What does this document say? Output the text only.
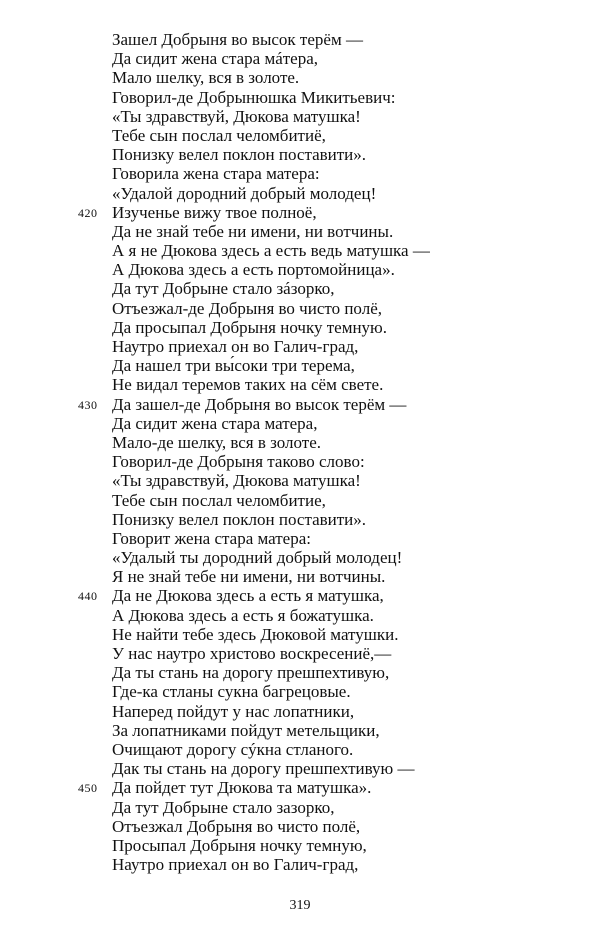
Зашел Добрыня во высок терём —
Да сидит жена стара мáтера,
Мало шелку, вся в золоте.
Говорил-де Добрынюшка Микитьевич:
«Ты здравствуй, Дюкова матушка!
Тебе сын послал челомбитиё,
Понизку велел поклон поставити».
Говорила жена стара матера:
«Удалой дородний добрый молодец!
420 Изученье вижу твое полноё,
Да не знай тебе ни имени, ни вотчины.
А я не Дюкова здесь а есть ведь матушка —
А Дюкова здесь а есть портомойница».
Да тут Добрыне стало зáзорко,
Отъезжал-де Добрыня во чисто полё,
Да просыпал Добрыня ночку темную.
Наутро приехал он во Галич-град,
Да нашел три вы́соки три терема,
Не видал теремов таких на сём свете.
430 Да зашел-де Добрыня во высок терём —
Да сидит жена стара матера,
Мало-де шелку, вся в золоте.
Говорил-де Добрыня таково слово:
«Ты здравствуй, Дюкова матушка!
Тебе сын послал челомбитие,
Понизку велел поклон поставити».
Говорит жена стара матера:
«Удалый ты дородний добрый молодец!
Я не знай тебе ни имени, ни вотчины.
440 Да не Дюкова здесь а есть я матушка,
А Дюкова здесь а есть я божатушка.
Не найти тебе здесь Дюковой матушки.
У нас наутро христово воскресениё,—
Да ты стань на дорогу прешпехтивую,
Где-ка стланы сукна багрецовые.
Наперед пойдут у нас лопатники,
За лопатниками пойдут метельщики,
Очищают дорогу сýкна стланого.
Дак ты стань на дорогу прешпехтивую —
450 Да пойдет тут Дюкова та матушка».
Да тут Добрыне стало зазорко,
Отъезжал Добрыня во чисто полё,
Просыпал Добрыня ночку темную,
Наутро приехал он во Галич-град,
319
